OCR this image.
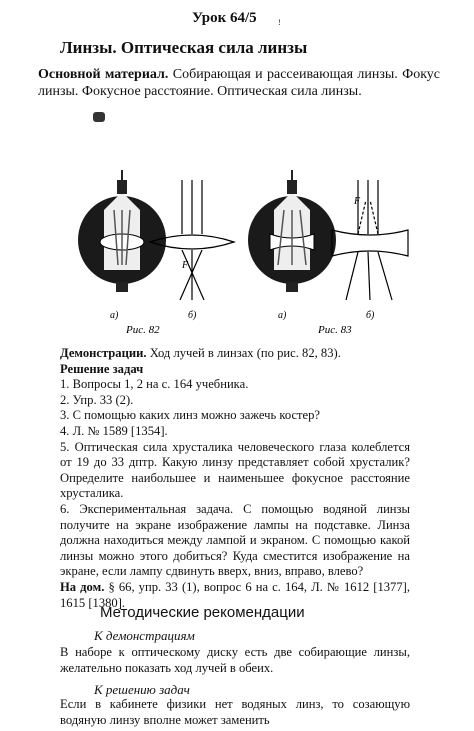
Урок 64/5	!
Линзы. Оптическая сила линзы
Основной материал. Собирающая и рассеивающая линзы. Фокус линзы. Фокусное расстояние. Оптическая сила линзы.
F
а)	б)
Рис. 82
F
а)	б)
Рис. 83

Демонстрации. Ход лучей в линзах (по рис. 82, 83).

Решение задач

1. Вопросы 1, 2 на с. 164 учебника.

2. Упр. 33 (2).

3. С помощью каких линз можно зажечь костер?

4. Л. № 1589 [1354].

5. Оптическая сила хрусталика человеческого глаза колеблется от 19 до 33 дптр. Какую линзу представляет собой хрусталик? Определите наибольшее и наименьшее фокусное расстояние хрусталика.

6. Экспериментальная задача. С помощью водяной линзы получите на экране изображение лампы на подставке. Линза должна находиться между лампой и экраном. С помощью какой линзы можно этого добиться? Куда сместится изображение на экране, если лампу сдвинуть вверх, вниз, вправо, влево?

На дом. § 66, упр. 33 (1), вопрос 6 на с. 164, Л. № 1612 [1377], 1615 [1380].

Методические рекомендации
К демонстрациям
В наборе к оптическому диску есть две собирающие линзы, желательно показать ход лучей в обеих.
К решению задач
Если в кабинете физики нет водяных линз, то созающую водяную линзу вполне может заменить
